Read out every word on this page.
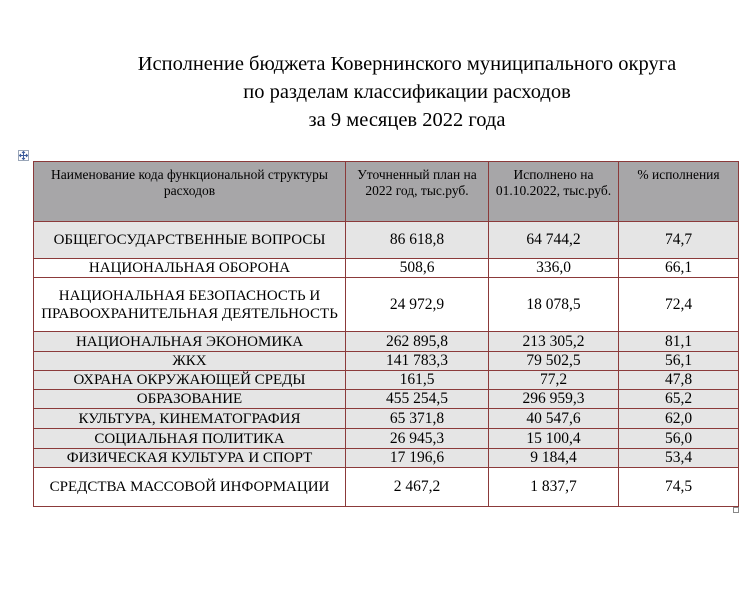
Исполнение бюджета Ковернинского муниципального округа
по разделам классификации расходов
за 9 месяцев 2022 года
Наименование кода функциональной структуры расходов	Уточненный план на 2022 год, тыс.руб.	Исполнено на 01.10.2022, тыс.руб.	% исполнения
ОБЩЕГОСУДАРСТВЕННЫЕ ВОПРОСЫ	86 618,8	64 744,2	74,7
НАЦИОНАЛЬНАЯ ОБОРОНА	508,6	336,0	66,1
НАЦИОНАЛЬНАЯ БЕЗОПАСНОСТЬ И ПРАВООХРАНИТЕЛЬНАЯ ДЕЯТЕЛЬНОСТЬ	24 972,9	18 078,5	72,4
НАЦИОНАЛЬНАЯ ЭКОНОМИКА	262 895,8	213 305,2	81,1
ЖКХ	141 783,3	79 502,5	56,1
ОХРАНА ОКРУЖАЮЩЕЙ СРЕДЫ	161,5	77,2	47,8
ОБРАЗОВАНИЕ	455 254,5	296 959,3	65,2
КУЛЬТУРА, КИНЕМАТОГРАФИЯ	65 371,8	40 547,6	62,0
СОЦИАЛЬНАЯ ПОЛИТИКА	26 945,3	15 100,4	56,0
ФИЗИЧЕСКАЯ КУЛЬТУРА И СПОРТ	17 196,6	9 184,4	53,4
СРЕДСТВА МАССОВОЙ ИНФОРМАЦИИ	2 467,2	1 837,7	74,5
